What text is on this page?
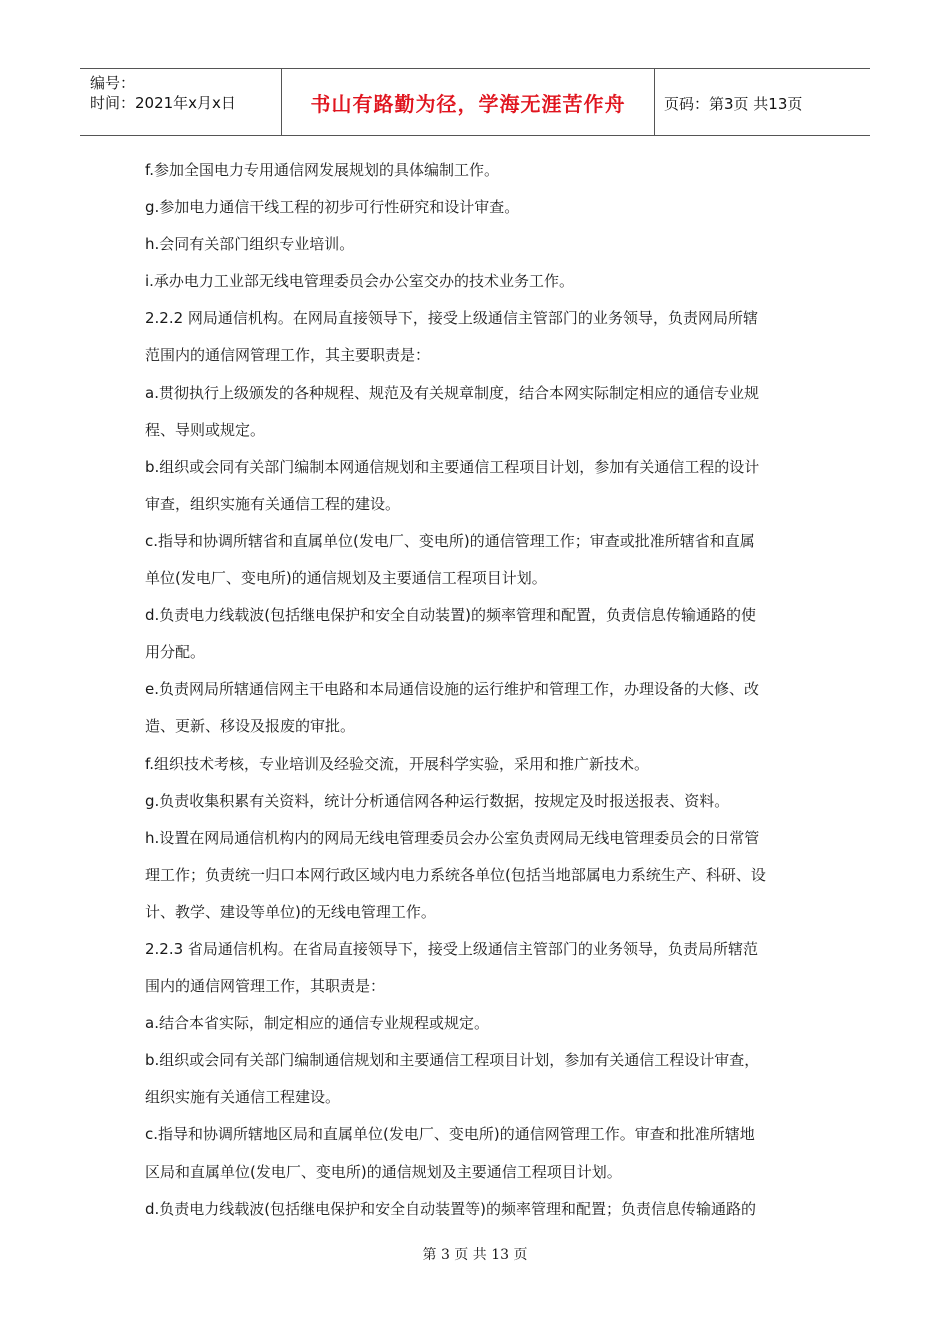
编号：
时间：2021年x月x日	书山有路勤为径，学海无涯苦作舟	页码：第3页 共13页
f.参加全国电力专用通信网发展规划的具体编制工作。
g.参加电力通信干线工程的初步可行性研究和设计审查。
h.会同有关部门组织专业培训。
i.承办电力工业部无线电管理委员会办公室交办的技术业务工作。
2.2.2 网局通信机构。在网局直接领导下，接受上级通信主管部门的业务领导，负责网局所辖
范围内的通信网管理工作，其主要职责是：
a.贯彻执行上级颁发的各种规程、规范及有关规章制度，结合本网实际制定相应的通信专业规
程、导则或规定。
b.组织或会同有关部门编制本网通信规划和主要通信工程项目计划，参加有关通信工程的设计
审查，组织实施有关通信工程的建设。
c.指导和协调所辖省和直属单位(发电厂、变电所)的通信管理工作；审查或批准所辖省和直属
单位(发电厂、变电所)的通信规划及主要通信工程项目计划。
d.负责电力线载波(包括继电保护和安全自动装置)的频率管理和配置，负责信息传输通路的使
用分配。
e.负责网局所辖通信网主干电路和本局通信设施的运行维护和管理工作，办理设备的大修、改
造、更新、移设及报废的审批。
f.组织技术考核，专业培训及经验交流，开展科学实验，采用和推广新技术。
g.负责收集积累有关资料，统计分析通信网各种运行数据，按规定及时报送报表、资料。
h.设置在网局通信机构内的网局无线电管理委员会办公室负责网局无线电管理委员会的日常管
理工作；负责统一归口本网行政区域内电力系统各单位(包括当地部属电力系统生产、科研、设
计、教学、建设等单位)的无线电管理工作。
2.2.3 省局通信机构。在省局直接领导下，接受上级通信主管部门的业务领导，负责局所辖范
围内的通信网管理工作，其职责是：
a.结合本省实际，制定相应的通信专业规程或规定。
b.组织或会同有关部门编制通信规划和主要通信工程项目计划，参加有关通信工程设计审查，
组织实施有关通信工程建设。
c.指导和协调所辖地区局和直属单位(发电厂、变电所)的通信网管理工作。审查和批准所辖地
区局和直属单位(发电厂、变电所)的通信规划及主要通信工程项目计划。
d.负责电力线载波(包括继电保护和安全自动装置等)的频率管理和配置；负责信息传输通路的
第 3 页 共 13 页
